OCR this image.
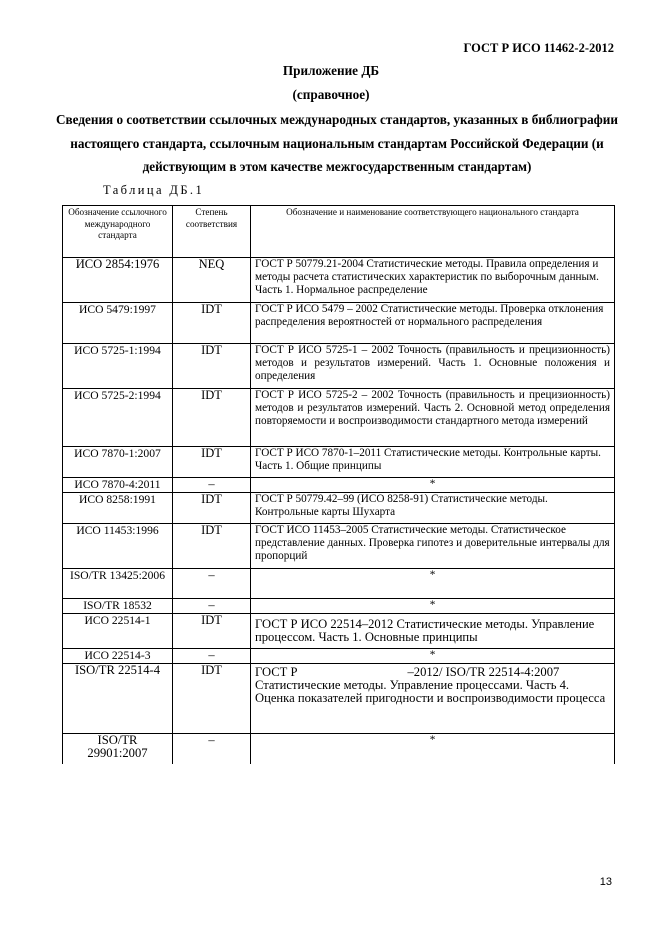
ГОСТ Р ИСО 11462-2-2012
Приложение ДБ
(справочное)
Сведения о соответствии ссылочных международных стандартов, указанных в библиографии настоящего стандарта, ссылочным национальным стандартам Российской Федерации (и действующим в этом качестве межгосударственным стандартам)
Таблица ДБ.1
Обозначение ссылочного международного стандарта	Степень соответствия	Обозначение и наименование соответствующего национального стандарта
ИСО 2854:1976	NEQ	ГОСТ Р 50779.21-2004 Статистические методы. Правила определения и методы расчета статистических характеристик по выборочным данным. Часть 1. Нормальное распределение
ИСО 5479:1997	IDT	ГОСТ Р ИСО 5479 – 2002 Статистические методы. Проверка отклонения распределения вероятностей от нормального распределения
ИСО 5725-1:1994	IDT	ГОСТ Р ИСО 5725-1 – 2002 Точность (правильность и прецизионность) методов и результатов измерений. Часть 1. Основные положения и определения
ИСО 5725-2:1994	IDT	ГОСТ Р ИСО 5725-2 – 2002 Точность (правильность и прецизионность) методов и результатов измерений. Часть 2. Основной метод определения повторяемости и воспроизводимости стандартного метода измерений
ИСО 7870-1:2007	IDT	ГОСТ Р ИСО 7870-1–2011 Статистические методы. Контрольные карты. Часть 1. Общие принципы
ИСО 7870-4:2011	–	*
ИСО 8258:1991	IDT	ГОСТ Р 50779.42–99 (ИСО 8258-91) Статистические методы. Контрольные карты Шухарта
ИСО 11453:1996	IDT	ГОСТ ИСО 11453–2005 Статистические методы. Статистическое представление данных. Проверка гипотез и доверительные интервалы для пропорций
ISO/TR 13425:2006	–	*
ISO/TR 18532	–	*
ИСО 22514-1	IDT	ГОСТ Р ИСО 22514–2012 Статистические методы. Управление процессом. Часть 1. Основные принципы
ИСО 22514-3	–	*
ISO/TR 22514-4	IDT	ГОСТ Р –2012/ ISO/TR 22514-4:2007
Статистические методы. Управление процессами. Часть 4. Оценка показателей пригодности и воспроизводимости процесса

ISO/TR 29901:2007	–	*
13
